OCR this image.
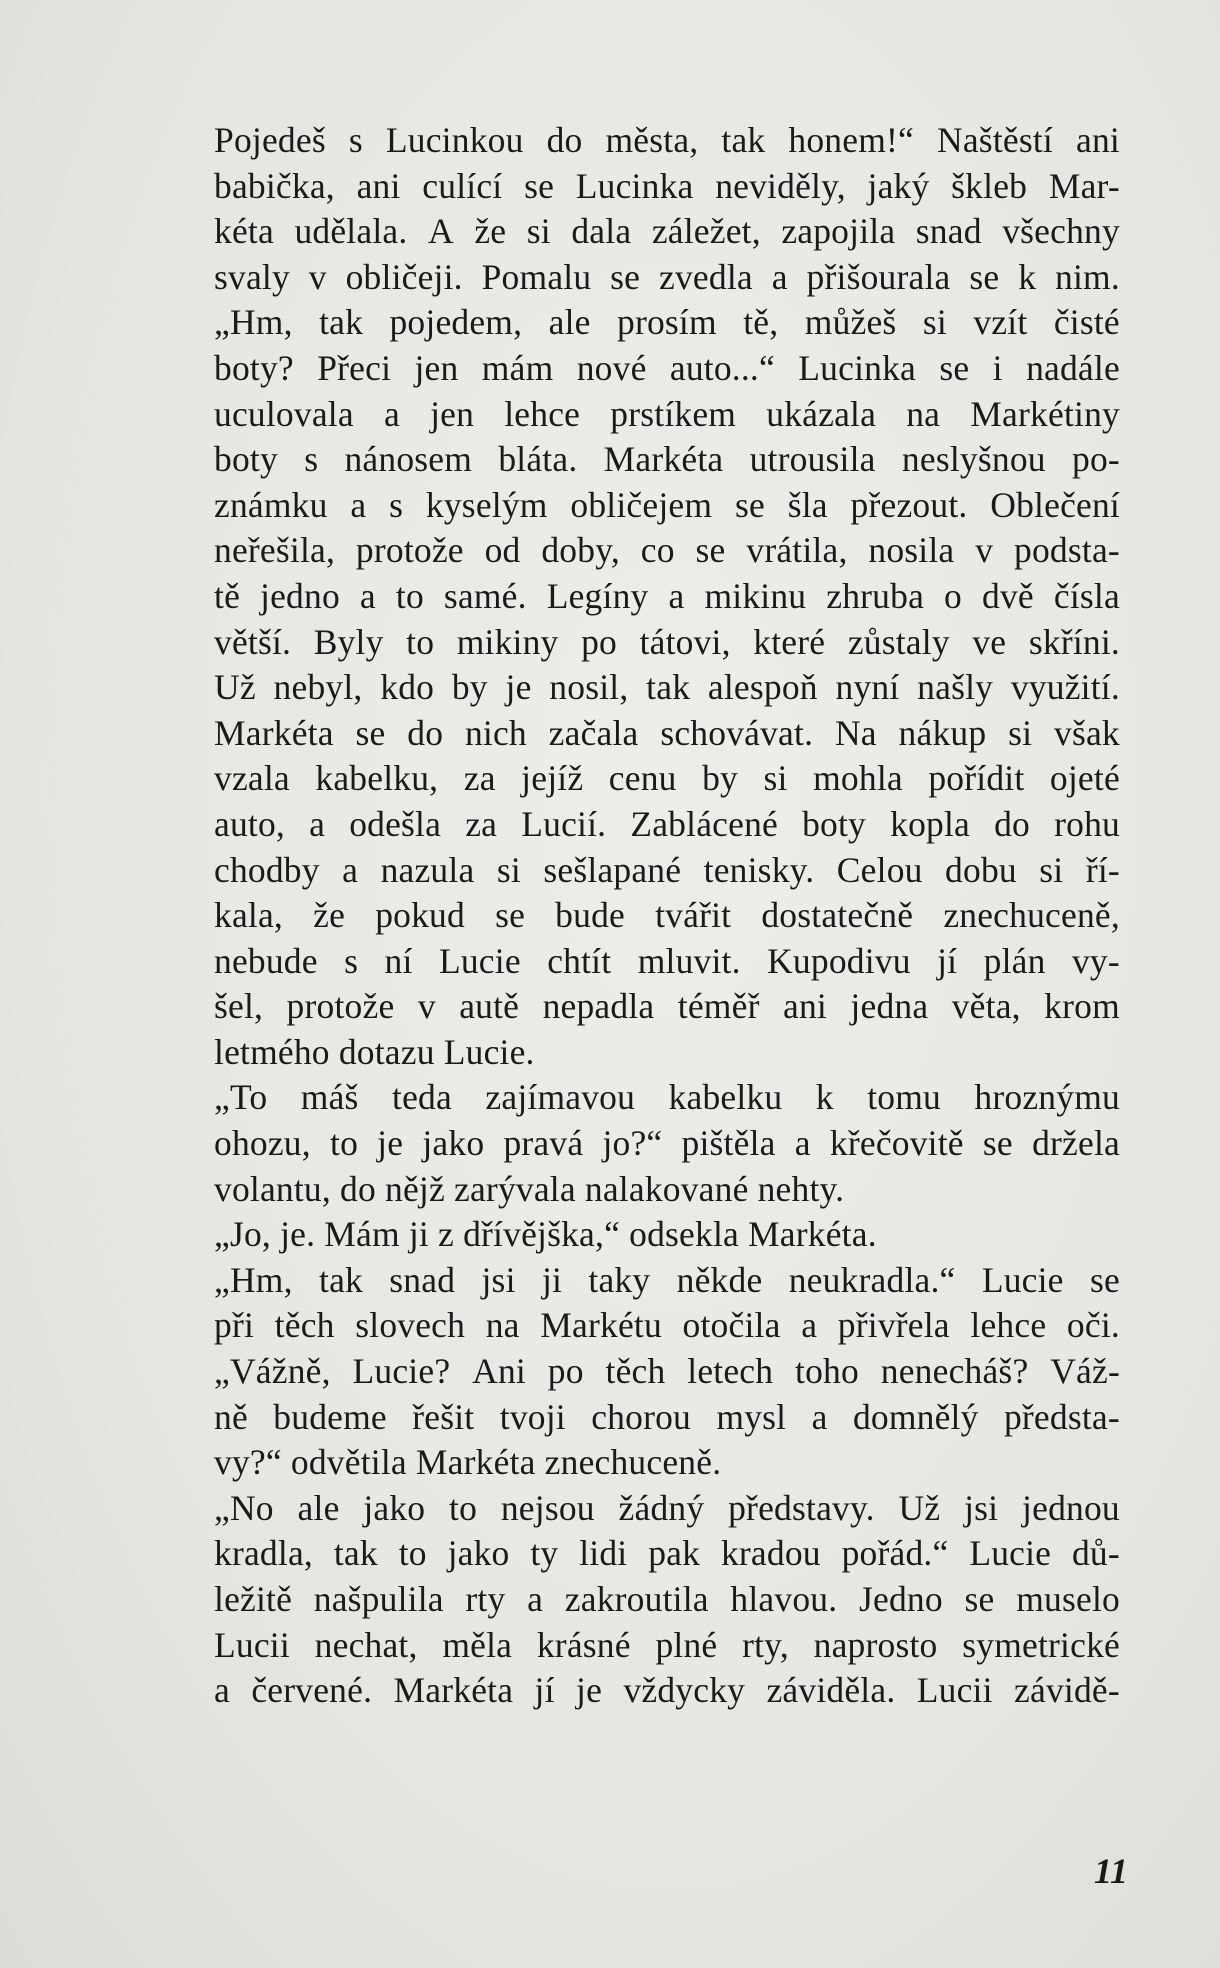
Pojedeš s Lucinkou do města, tak honem!“ Naštěstí ani
babička, ani culící se Lucinka neviděly, jaký škleb Mar-
kéta udělala. A že si dala záležet, zapojila snad všechny
svaly v obličeji. Pomalu se zvedla a přišourala se k nim.
„Hm, tak pojedem, ale prosím tě, můžeš si vzít čisté
boty? Přeci jen mám nové auto...“ Lucinka se i nadále
uculovala a jen lehce prstíkem ukázala na Markétiny
boty s nánosem bláta. Markéta utrousila neslyšnou po-
známku a s kyselým obličejem se šla přezout. Oblečení
neřešila, protože od doby, co se vrátila, nosila v podsta-
tě jedno a to samé. Legíny a mikinu zhruba o dvě čísla
větší. Byly to mikiny po tátovi, které zůstaly ve skříni.
Už nebyl, kdo by je nosil, tak alespoň nyní našly využití.
Markéta se do nich začala schovávat. Na nákup si však
vzala kabelku, za jejíž cenu by si mohla pořídit ojeté
auto, a odešla za Lucií. Zablácené boty kopla do rohu
chodby a nazula si sešlapané tenisky. Celou dobu si ří-
kala, že pokud se bude tvářit dostatečně znechuceně,
nebude s ní Lucie chtít mluvit. Kupodivu jí plán vy-
šel, protože v autě nepadla téměř ani jedna věta, krom
letmého dotazu Lucie.
„To máš teda zajímavou kabelku k tomu hroznýmu
ohozu, to je jako pravá jo?“ pištěla a křečovitě se držela
volantu, do nějž zarývala nalakované nehty.
„Jo, je. Mám ji z dřívějška,“ odsekla Markéta.
„Hm, tak snad jsi ji taky někde neukradla.“ Lucie se
při těch slovech na Markétu otočila a přivřela lehce oči.
„Vážně, Lucie? Ani po těch letech toho nenecháš? Váž-
ně budeme řešit tvoji chorou mysl a domnělý předsta-
vy?“ odvětila Markéta znechuceně.
„No ale jako to nejsou žádný představy. Už jsi jednou
kradla, tak to jako ty lidi pak kradou pořád.“ Lucie dů-
ležitě našpulila rty a zakroutila hlavou. Jedno se muselo
Lucii nechat, měla krásné plné rty, naprosto symetrické
a červené. Markéta jí je vždycky záviděla. Lucii závidě-
11
